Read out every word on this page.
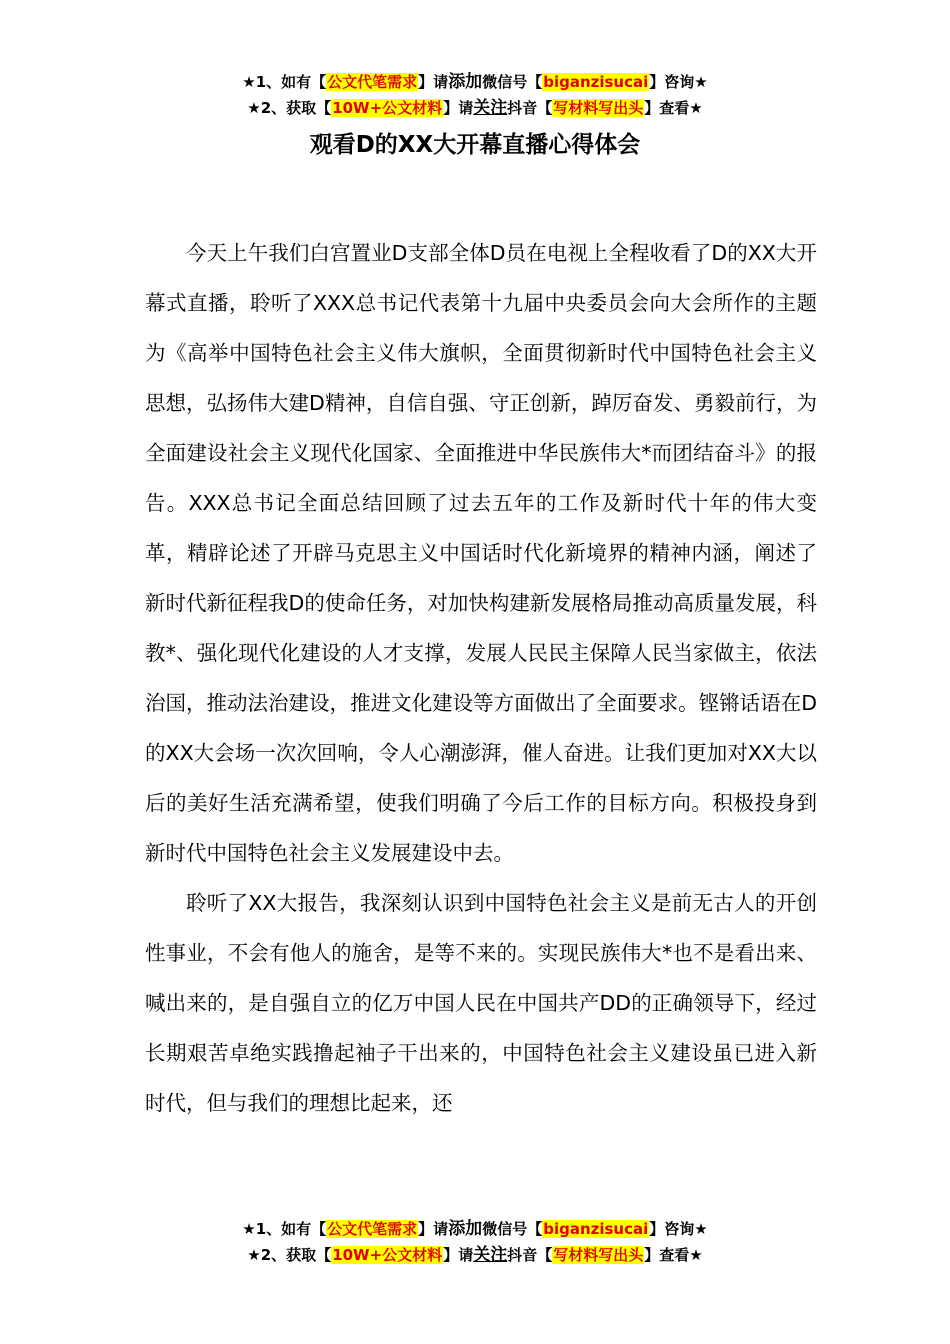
★1、如有【公文代笔需求】请添加微信号【biganzisucai】咨询★
★2、获取【10W+公文材料】请关注抖音【写材料写出头】查看★
观看D的XX大开幕直播心得体会

今天上午我们白宫置业D支部全体D员在电视上全程收看了D的XX大开幕式直播，聆听了XXX总书记代表第十九届中央委员会向大会所作的主题为《高举中国特色社会主义伟大旗帜，全面贯彻新时代中国特色社会主义思想，弘扬伟大建D精神，自信自强、守正创新，踔厉奋发、勇毅前行，为全面建设社会主义现代化国家、全面推进中华民族伟大*而团结奋斗》的报告。XXX总书记全面总结回顾了过去五年的工作及新时代十年的伟大变革，精辟论述了开辟马克思主义中国话时代化新境界的精神内涵，阐述了新时代新征程我D的使命任务，对加快构建新发展格局推动高质量发展，科教*、强化现代化建设的人才支撑，发展人民民主保障人民当家做主，依法治国，推动法治建设，推进文化建设等方面做出了全面要求。铿锵话语在D的XX大会场一次次回响，令人心潮澎湃，催人奋进。让我们更加对XX大以后的美好生活充满希望，使我们明确了今后工作的目标方向。积极投身到新时代中国特色社会主义发展建设中去。

聆听了XX大报告，我深刻认识到中国特色社会主义是前无古人的开创性事业，不会有他人的施舍，是等不来的。实现民族伟大*也不是看出来、喊出来的，是自强自立的亿万中国人民在中国共产DD的正确领导下，经过长期艰苦卓绝实践撸起袖子干出来的，中国特色社会主义建设虽已进入新时代，但与我们的理想比起来，还

★1、如有【公文代笔需求】请添加微信号【biganzisucai】咨询★
★2、获取【10W+公文材料】请关注抖音【写材料写出头】查看★
